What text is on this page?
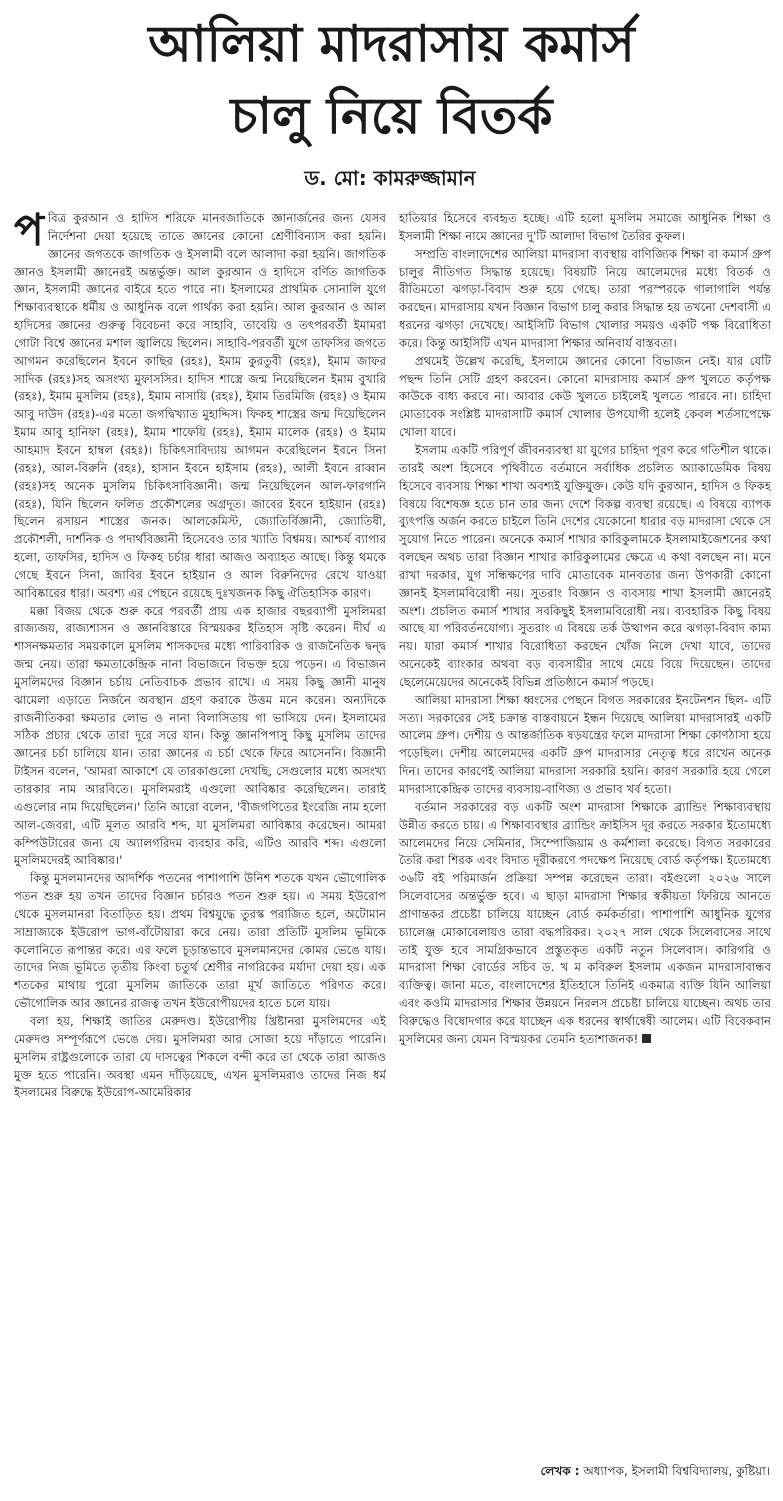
আলিয়া মাদরাসায় কমার্স
চালু নিয়ে বিতর্ক
ড. মো: কামরুজ্জামান

পবিত্র কুরআন ও হাদিস শরিফে মানবজাতিকে জ্ঞানার্জনের জন্য যেসব নির্দেশনা দেয়া হয়েছে তাতে জ্ঞানের কোনো শ্রেণীবিন্যাস করা হয়নি। জ্ঞানের জগতকে জাগতিক ও ইসলামী বলে আলাদা করা হয়নি। জাগতিক জ্ঞানও ইসলামী জ্ঞানেরই অন্তর্ভুক্ত। আল কুরআন ও হাদিসে বর্ণিত জাগতিক জ্ঞান, ইসলামী জ্ঞানের বাইরে হতে পারে না। ইসলামের প্রাথমিক সোনালি যুগে শিক্ষাব্যবস্থাকে ধর্মীয় ও আধুনিক বলে পার্থক্য করা হয়নি। আল কুরআন ও আল হাদিসের জ্ঞানের গুরুত্ব বিবেচনা করে সাহাবি, তাবেয়ি ও তৎপরবর্তী ইমামরা গোটা বিশ্বে জ্ঞানের মশাল জ্বালিয়ে ছিলেন। সাহাবি-পরবর্তী যুগে তাফসির জগতে আগমন করেছিলেন ইবনে কাছির (রহঃ), ইমাম কুরতুবী (রহঃ), ইমাম জাফর সাদিক (রহঃ)সহ অসংখ্য মুফাসসির। হাদিস শাস্ত্রে জন্ম নিয়েছিলেন ইমাম বুখারি (রহঃ), ইমাম মুসলিম (রহঃ), ইমাম নাসায়ি (রহঃ), ইমাম তিরমিজি (রহঃ) ও ইমাম আবু দাউদ (রহঃ)-এর মতো জগদ্বিখ্যাত মুহাদ্দিস। ফিকহ শাস্ত্রের জন্ম দিয়েছিলেন ইমাম আবু হানিফা (রহঃ), ইমাম শাফেয়ি (রহঃ), ইমাম মালেক (রহঃ) ও ইমাম আহমাদ ইবনে হাম্বল (রহঃ)। চিকিৎসাবিদ্যায় আগমন করেছিলেন ইবনে সিনা (রহঃ), আল-বিরুনি (রহঃ), হাসান ইবনে হাইসাম (রহঃ), আলী ইবনে রাব্বান (রহঃ)সহ অনেক মুসলিম চিকিৎসাবিজ্ঞানী। জন্ম নিয়েছিলেন আল-ফারগানি (রহঃ), যিনি ছিলেন ফলিত প্রকৌশলের অগ্রদূত। জাবের ইবনে হাইয়ান (রহঃ) ছিলেন রসায়ন শাস্ত্রের জনক। আলকেমিস্ট, জ্যোতির্বিজ্ঞানী, জ্যোতিষী, প্রকৌশলী, দার্শনিক ও পদার্থবিজ্ঞানী হিসেবেও তার খ্যাতি বিশ্বময়। আশ্চর্য ব্যাপার হলো, তাফসির, হাদিস ও ফিকহ চর্চার ধারা আজও অব্যাহত আছে। কিন্তু থমকে গেছে ইবনে সিনা, জাবির ইবনে হাইয়ান ও আল বিরুনিদের রেখে যাওয়া আবিষ্কারের ধারা। অবশ্য এর পেছনে রয়েছে দুঃখজনক কিছু ঐতিহাসিক কারণ।

মক্কা বিজয় থেকে শুরু করে পরবর্তী প্রায় এক হাজার বছরব্যাপী মুসলিমরা রাজ্যজয়, রাজ্যশাসন ও জ্ঞানবিস্তারে বিস্ময়কর ইতিহাস সৃষ্টি করেন। দীর্ঘ এ শাসনক্ষমতার সময়কালে মুসলিম শাসকদের মধ্যে পারিবারিক ও রাজনৈতিক দ্বন্দ্ব জন্ম নেয়। তারা ক্ষমতাকেন্দ্রিক নানা বিভাজনে বিভক্ত হয়ে পড়েন। এ বিভাজন মুসলিমদের বিজ্ঞান চর্চায় নেতিবাচক প্রভাব রাখে। এ সময় কিছু জ্ঞানী মানুষ ঝামেলা এড়াতে নির্জনে অবস্থান গ্রহণ করাকে উত্তম মনে করেন। অন্যদিকে রাজনীতিকরা ক্ষমতার লোভ ও নানা বিলাসিতায় গা ভাসিয়ে দেন। ইসলামের সঠিক প্রচার থেকে তারা দূরে সরে যান। কিন্তু জ্ঞানপিপাসু কিছু মুসলিম তাদের জ্ঞানের চর্চা চালিয়ে যান। তারা জ্ঞানের এ চর্চা থেকে ফিরে আসেননি। বিজ্ঞানী টাইসন বলেন, 'আমরা আকাশে যে তারকাগুলো দেখছি, সেগুলোর মধ্যে অসংখ্য তারকার নাম আরবিতে। মুসলিমরাই এগুলো আবিষ্কার করেছিলেন। তারাই এগুলোর নাম দিয়েছিলেন।' তিনি আরো বলেন, 'বীজগণিতের ইংরেজি নাম হলো আল-জেবরা, এটি মূলত আরবি শব্দ, যা মুসলিমরা আবিষ্কার করেছেন। আমরা কম্পিউটারের জন্য যে অ্যালগরিদম ব্যবহার করি, এটিও আরবি শব্দ। এগুলো মুসলিমদেরই আবিষ্কার।'

কিন্তু মুসলমানদের আদর্শিক পতনের পাশাপাশি উনিশ শতকে যখন ভৌগোলিক পতন শুরু হয় তখন তাদের বিজ্ঞান চর্চারও পতন শুরু হয়। এ সময় ইউরোপ থেকে মুসলমানরা বিতাড়িত হয়। প্রথম বিশ্বযুদ্ধে তুরস্ক পরাজিত হলে, অটোমান সাম্রাজ্যকে ইউরোপ ভাগ-বাঁটোয়ারা করে নেয়। তারা প্রতিটি মুসলিম ভূমিকে কলোনিতে রূপান্তর করে। এর ফলে চূড়ান্তভাবে মুসলমানদের কোমর ভেঙে যায়। তাদের নিজ ভূমিতে তৃতীয় কিংবা চতুর্থ শ্রেণীর নাগরিকের মর্যাদা দেয়া হয়। এক শতকের মাথায় পুরো মুসলিম জাতিকে তারা মূর্খ জাতিতে পরিণত করে। ভৌগোলিক আর জ্ঞানের রাজত্ব তখন ইউরোপীয়দের হাতে চলে যায়।

বলা হয়, শিক্ষাই জাতির মেরুদণ্ড। ইউরোপীয় খ্রিষ্টানরা মুসলিমদের এই মেরুদণ্ড সম্পূর্ণরূপে ভেঙে দেয়। মুসলিমরা আর সোজা হয়ে দাঁড়াতে পারেনি। মুসলিম রাষ্ট্রগুলোকে তারা যে দাসত্বের শিকলে বন্দী করে তা থেকে তারা আজও মুক্ত হতে পারেনি। অবস্থা এমন দাঁড়িয়েছে, এখন মুসলিমরাও তাদের নিজ ধর্ম ইসলামের বিরুদ্ধে ইউরোপ-আমেরিকার

হাতিয়ার হিসেবে ব্যবহৃত হচ্ছে। এটি হলো মুসলিম সমাজে আধুনিক শিক্ষা ও ইসলামী শিক্ষা নামে জ্ঞানের দু'টি আলাদা বিভাগ তৈরির কুফল।

সম্প্রতি বাংলাদেশের আলিয়া মাদরাসা ব্যবস্থায় বাণিজ্যিক শিক্ষা বা কমার্স গ্রুপ চালুর নীতিগত সিদ্ধান্ত হয়েছে। বিষয়টি নিয়ে আলেমদের মধ্যে বিতর্ক ও রীতিমতো ঝগড়া-বিবাদ শুরু হয়ে গেছে। তারা পরস্পরকে গালাগালি পর্যন্ত করছেন। মাদরাসায় যখন বিজ্ঞান বিভাগ চালু করার সিদ্ধান্ত হয় তখনো দেশবাসী এ ধরনের ঝগড়া দেখেছে। আইসিটি বিভাগ খোলার সময়ও একটি পক্ষ বিরোধিতা করে। কিন্তু আইসিটি এখন মাদরাসা শিক্ষার অনিবার্য বাস্তবতা।

প্রথমেই উল্লেখ করেছি, ইসলামে জ্ঞানের কোনো বিভাজন নেই। যার যেটি পছন্দ তিনি সেটি গ্রহণ করবেন। কোনো মাদরাসায় কমার্স গ্রুপ খুলতে কর্তৃপক্ষ কাউকে বাধ্য করবে না। আবার কেউ খুলতে চাইলেই খুলতে পারবে না। চাহিদা মোতাবেক সংশ্লিষ্ট মাদরাসাটি কমার্স খোলার উপযোগী হলেই কেবল শর্তসাপেক্ষে খোলা যাবে।

ইসলাম একটি পরিপূর্ণ জীবনব্যবস্থা যা যুগের চাহিদা পূরণ করে গতিশীল থাকে। তারই অংশ হিসেবে পৃথিবীতে বর্তমানে সর্বাধিক প্রচলিত অ্যাকাডেমিক বিষয় হিসেবে ব্যবসায় শিক্ষা শাখা অবশ্যই যুক্তিযুক্ত। কেউ যদি কুরআন, হাদিস ও ফিকহ বিষয়ে বিশেষজ্ঞ হতে চান তার জন্য দেশে বিকল্প ব্যবস্থা রয়েছে। এ বিষয়ে ব্যাপক ব্যুৎপত্তি অর্জন করতে চাইলে তিনি দেশের যেকোনো ধারার বড় মাদরাসা থেকে সে সুযোগ নিতে পারেন। অনেকে কমার্স শাখার কারিকুলামকে ইসলামাইজেশনের কথা বলছেন অথচ তারা বিজ্ঞান শাখার কারিকুলামের ক্ষেত্রে এ কথা বলছেন না। মনে রাখা দরকার, যুগ সন্ধিক্ষণের দাবি মোতাবেক মানবতার জন্য উপকারী কোনো জ্ঞানই ইসলামবিরোধী নয়। সুতরাং বিজ্ঞান ও ব্যবসায় শাখা ইসলামী জ্ঞানেরই অংশ। প্রচলিত কমার্স শাখার সবকিছুই ইসলামবিরোধী নয়। ব্যবহারিক কিছু বিষয় আছে যা পরিবর্তনযোগ্য। সুতরাং এ বিষয়ে তর্ক উত্থাপন করে ঝগড়া-বিবাদ কাম্য নয়। যারা কমার্স শাখার বিরোধিতা করছেন খোঁজ নিলে দেখা যাবে, তাদের অনেকেই ব্যাংকার অথবা বড় ব্যবসায়ীর সাথে মেয়ে বিয়ে দিয়েছেন। তাদের ছেলেমেয়েদের অনেকেই বিভিন্ন প্রতিষ্ঠানে কমার্স পড়ছে।

আলিয়া মাদরাসা শিক্ষা ধ্বংসের পেছনে বিগত সরকারের ইনটেনশন ছিল- এটি সত্য। সরকারের সেই চক্রান্ত বাস্তবায়নে ইন্ধন দিয়েছে আলিয়া মাদরাসারই একটি আলেম গ্রুপ। দেশীয় ও আন্তর্জাতিক ষড়যন্ত্রের ফলে মাদরাসা শিক্ষা কোণঠাসা হয়ে পড়েছিল। দেশীয় আলেমদের একটি গ্রুপ মাদরাসার নেতৃত্ব ধরে রাখেন অনেক দিন। তাদের কারণেই আলিয়া মাদরাসা সরকারি হয়নি। কারণ সরকারি হয়ে গেলে মাদরাসাকেন্দ্রিক তাদের ব্যবসায়-বাণিজ্য ও প্রভাব খর্ব হতো।

বর্তমান সরকারের বড় একটি অংশ মাদরাসা শিক্ষাকে ব্র্যান্ডিং শিক্ষাব্যবস্থায় উন্নীত করতে চায়। এ শিক্ষাব্যবস্থার ব্র্যান্ডিং ক্রাইসিস দূর করতে সরকার ইতোমধ্যে আলেমদের নিয়ে সেমিনার, সিম্পোজিয়াম ও কর্মশালা করেছে। বিগত সরকারের তৈরি করা শিরক এবং বিদাত দূরীকরণে পদক্ষেপ নিয়েছে বোর্ড কর্তৃপক্ষ। ইতোমধ্যে ৩৬টি বই পরিমার্জন প্রক্রিয়া সম্পন্ন করেছেন তারা। বইগুলো ২০২৬ সালে সিলেবাসের অন্তর্ভুক্ত হবে। এ ছাড়া মাদরাসা শিক্ষার স্বকীয়তা ফিরিয়ে আনতে প্রাণান্তকর প্রচেষ্টা চালিয়ে যাচ্ছেন বোর্ড কর্মকর্তারা। পাশাপাশি আধুনিক যুগের চ্যালেঞ্জ মোকাবেলায়ও তারা বদ্ধপরিকর। ২০২৭ সাল থেকে সিলেবাসের সাথে তাই যুক্ত হবে সামগ্রিকভাবে প্রস্তুতকৃত একটি নতুন সিলেবাস। কারিগরি ও মাদরাসা শিক্ষা বোর্ডের সচিব ড. খ ম কবিরুল ইসলাম একজন মাদরাসাবান্ধব ব্যক্তিত্ব। জানা মতে, বাংলাদেশের ইতিহাসে তিনিই একমাত্র ব্যক্তি যিনি আলিয়া এবং কওমি মাদরাসার শিক্ষার উন্নয়নে নিরলস প্রচেষ্টা চালিয়ে যাচ্ছেন। অথচ তার বিরুদ্ধেও বিষোদগার করে যাচ্ছেন এক ধরনের স্বার্থান্বেষী আলেম। এটি বিবেকবান মুসলিমের জন্য যেমন বিস্ময়কর তেমনি হতাশাজনক!

লেখক : অধ্যাপক, ইসলামী বিশ্ববিদ্যালয়, কুষ্টিয়া।
